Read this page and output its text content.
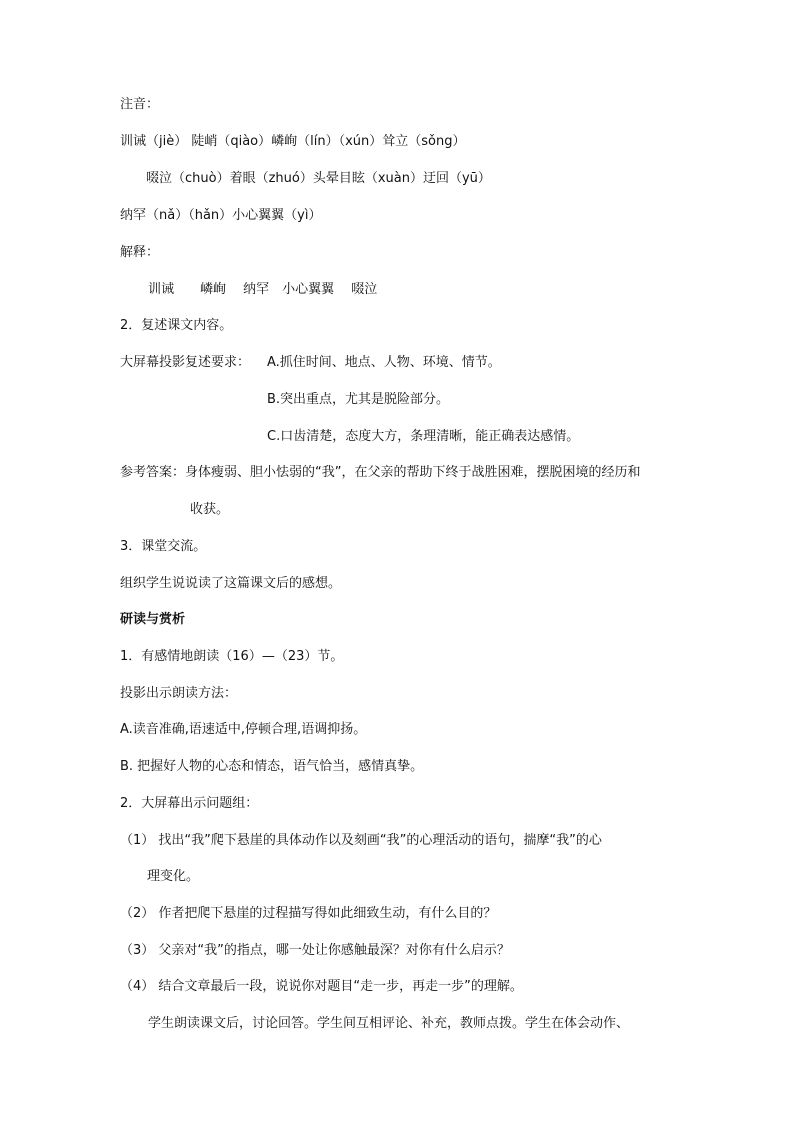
注音：
训诫（jiè） 陡峭（qiào）嶙峋（lín）（xún）耸立（sǒng）
啜泣（chuò）着眼（zhuó）头晕目眩（xuàn）迂回（yū）
纳罕（nǎ）（hǎn）小心翼翼（yì）
解释：
训诫　　嶙峋　 纳罕　小心翼翼　 啜泣
2．复述课文内容。
大屏幕投影复述要求： A.抓住时间、地点、人物、环境、情节。
B.突出重点，尤其是脱险部分。
C.口齿清楚，态度大方，条理清晰，能正确表达感情。
参考答案：身体瘦弱、胆小怯弱的“我”，在父亲的帮助下终于战胜困难，摆脱困境的经历和
收获。
3．课堂交流。
组织学生说说读了这篇课文后的感想。
研读与赏析
1．有感情地朗读（16）—（23）节。
投影出示朗读方法：
A.读音准确,语速适中,停顿合理,语调抑扬。
B. 把握好人物的心态和情态，语气恰当，感情真挚。
2．大屏幕出示问题组：
（1） 找出“我”爬下悬崖的具体动作以及刻画“我”的心理活动的语句，揣摩“我”的心
理变化。
（2） 作者把爬下悬崖的过程描写得如此细致生动，有什么目的？
（3） 父亲对“我”的指点，哪一处让你感触最深？对你有什么启示？
（4） 结合文章最后一段，说说你对题目“走一步，再走一步”的理解。
学生朗读课文后，讨论回答。学生间互相评论、补充，教师点拨。学生在体会动作、
